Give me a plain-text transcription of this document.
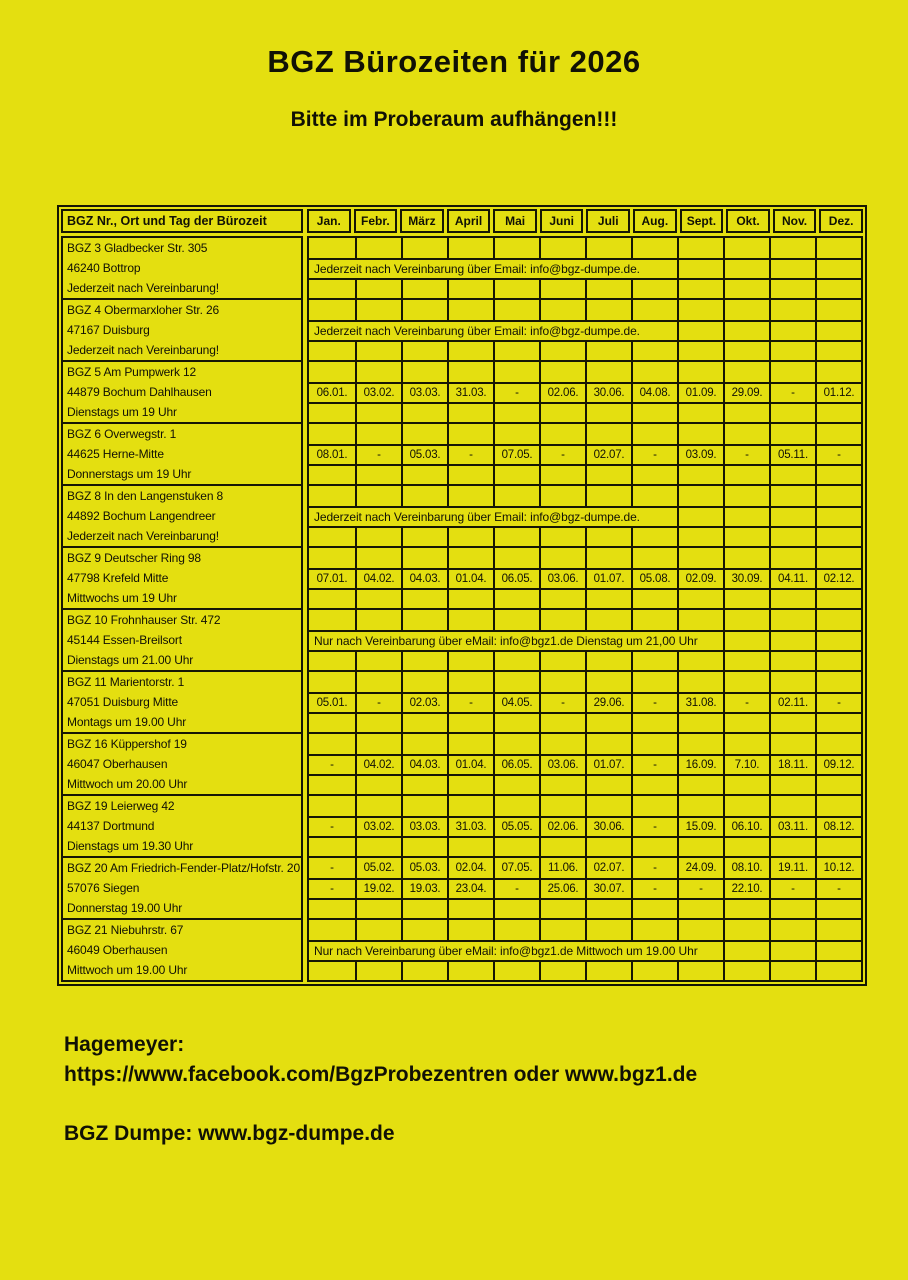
BGZ Bürozeiten für 2026
Bitte im Proberaum aufhängen!!!
BGZ Nr., Ort und Tag der Bürozeit	Jan.	Febr.	März	April	Mai	Juni	Juli	Aug.	Sept.	Okt.	Nov.	Dez.
BGZ 3 Gladbecker Str. 305
46240 Bottrop
Jederzeit nach Vereinbarung!
Jederzeit nach Vereinbarung über Email: info@bgz-dumpe.de.
BGZ 4 Obermarxloher Str. 26
47167 Duisburg
Jederzeit nach Vereinbarung!
Jederzeit nach Vereinbarung über Email: info@bgz-dumpe.de.
BGZ 5 Am Pumpwerk 12
44879 Bochum Dahlhausen
Dienstags um 19 Uhr
06.01.	03.02.	03.03.	31.03.	-	02.06.	30.06.	04.08.	01.09.	29.09.	-	01.12.
BGZ 6 Overwegstr. 1
44625 Herne-Mitte
Donnerstags um 19 Uhr
08.01.	-	05.03.	-	07.05.	-	02.07.	-	03.09.	-	05.11.	-
BGZ 8 In den Langenstuken 8
44892 Bochum Langendreer
Jederzeit nach Vereinbarung!
Jederzeit nach Vereinbarung über Email: info@bgz-dumpe.de.
BGZ 9 Deutscher Ring 98
47798 Krefeld Mitte
Mittwochs um 19 Uhr
07.01.	04.02.	04.03.	01.04.	06.05.	03.06.	01.07.	05.08.	02.09.	30.09.	04.11.	02.12.
BGZ 10 Frohnhauser Str. 472
45144 Essen-Breilsort
Dienstags um 21.00 Uhr
Nur nach Vereinbarung über eMail: info@bgz1.de Dienstag um 21,00 Uhr
BGZ 11 Marientorstr. 1
47051 Duisburg Mitte
Montags um 19.00 Uhr
05.01.	-	02.03.	-	04.05.	-	29.06.	-	31.08.	-	02.11.	-
BGZ 16 Küppershof 19
46047 Oberhausen
Mittwoch um 20.00 Uhr
-	04.02.	04.03.	01.04.	06.05.	03.06.	01.07.	-	16.09.	7.10.	18.11.	09.12.
BGZ 19 Leierweg 42
44137 Dortmund
Dienstags um 19.30 Uhr
-	03.02.	03.03.	31.03.	05.05.	02.06.	30.06.	-	15.09.	06.10.	03.11.	08.12.
BGZ 20 Am Friedrich-Fender-Platz/Hofstr. 20
57076 Siegen
Donnerstag 19.00 Uhr
-	05.02.	05.03.	02.04.	07.05.	11.06.	02.07.	-	24.09.	08.10.	19.11.	10.12.
-	19.02.	19.03.	23.04.	-	25.06.	30.07.	-	-	22.10.	-	-
BGZ 21 Niebuhrstr. 67
46049 Oberhausen
Mittwoch um 19.00 Uhr
Nur nach Vereinbarung über eMail: info@bgz1.de Mittwoch um 19.00 Uhr
Hagemeyer:
https://www.facebook.com/BgzProbezentren oder www.bgz1.de
BGZ Dumpe: www.bgz-dumpe.de
